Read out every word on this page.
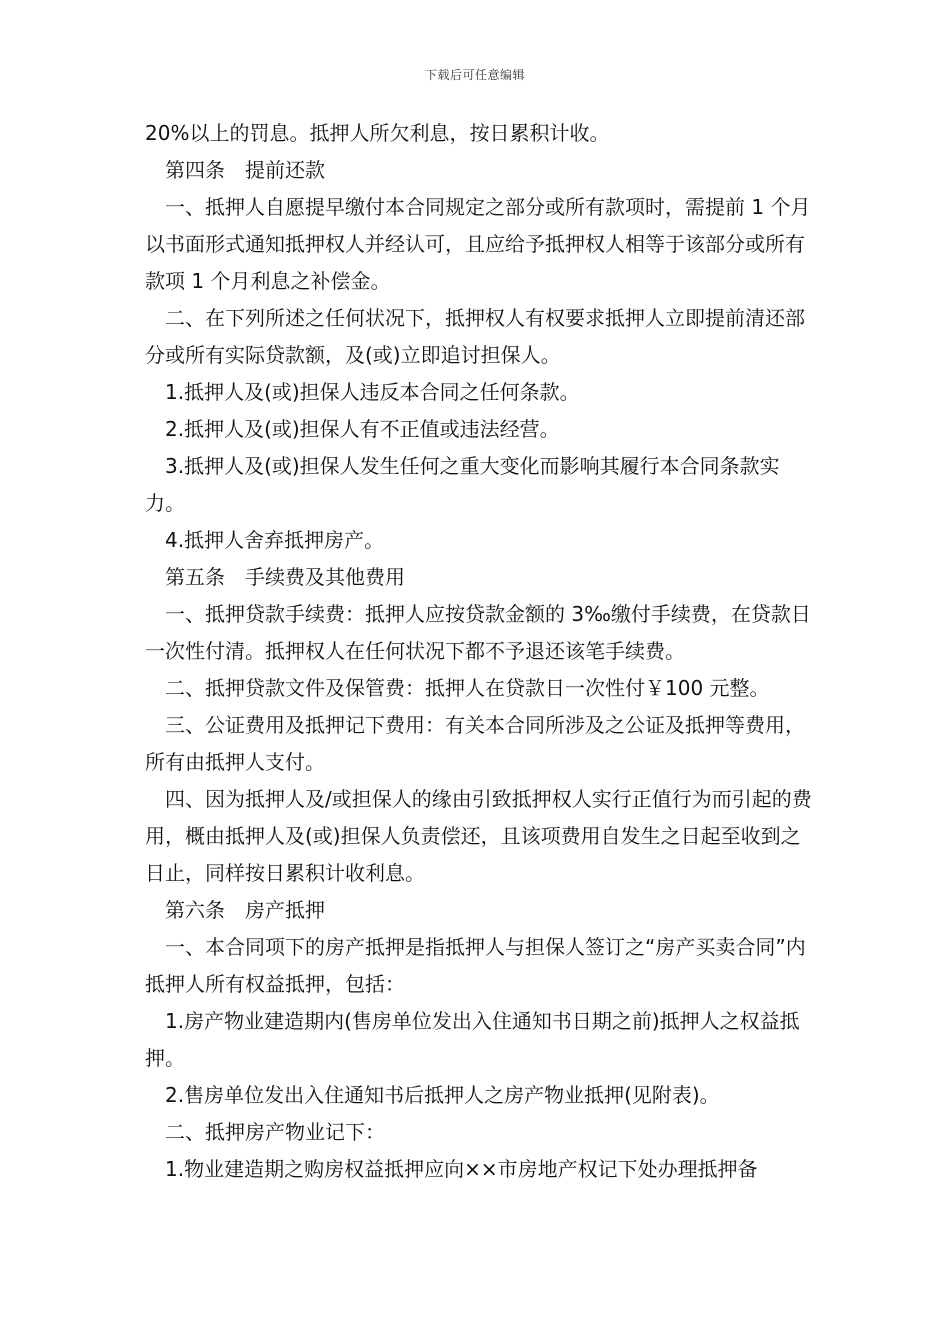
下载后可任意编辑

20%以上的罚息。抵押人所欠利息，按日累积计收。

第四条　提前还款

一、抵押人自愿提早缴付本合同规定之部分或所有款项时，需提前 1 个月以书面形式通知抵押权人并经认可，且应给予抵押权人相等于该部分或所有款项 1 个月利息之补偿金。

二、在下列所述之任何状况下，抵押权人有权要求抵押人立即提前清还部分或所有实际贷款额，及(或)立即追讨担保人。

1.抵押人及(或)担保人违反本合同之任何条款。

2.抵押人及(或)担保人有不正值或违法经营。

3.抵押人及(或)担保人发生任何之重大变化而影响其履行本合同条款实力。

4.抵押人舍弃抵押房产。

第五条　手续费及其他费用

一、抵押贷款手续费：抵押人应按贷款金额的 3‰缴付手续费，在贷款日一次性付清。抵押权人在任何状况下都不予退还该笔手续费。

二、抵押贷款文件及保管费：抵押人在贷款日一次性付￥100 元整。

三、公证费用及抵押记下费用：有关本合同所涉及之公证及抵押等费用，所有由抵押人支付。

四、因为抵押人及/或担保人的缘由引致抵押权人实行正值行为而引起的费用，概由抵押人及(或)担保人负责偿还，且该项费用自发生之日起至收到之日止，同样按日累积计收利息。

第六条　房产抵押

一、本合同项下的房产抵押是指抵押人与担保人签订之“房产买卖合同”内抵押人所有权益抵押，包括：

1.房产物业建造期内(售房单位发出入住通知书日期之前)抵押人之权益抵押。

2.售房单位发出入住通知书后抵押人之房产物业抵押(见附表)。

二、抵押房产物业记下：

1.物业建造期之购房权益抵押应向××市房地产权记下处办理抵押备
